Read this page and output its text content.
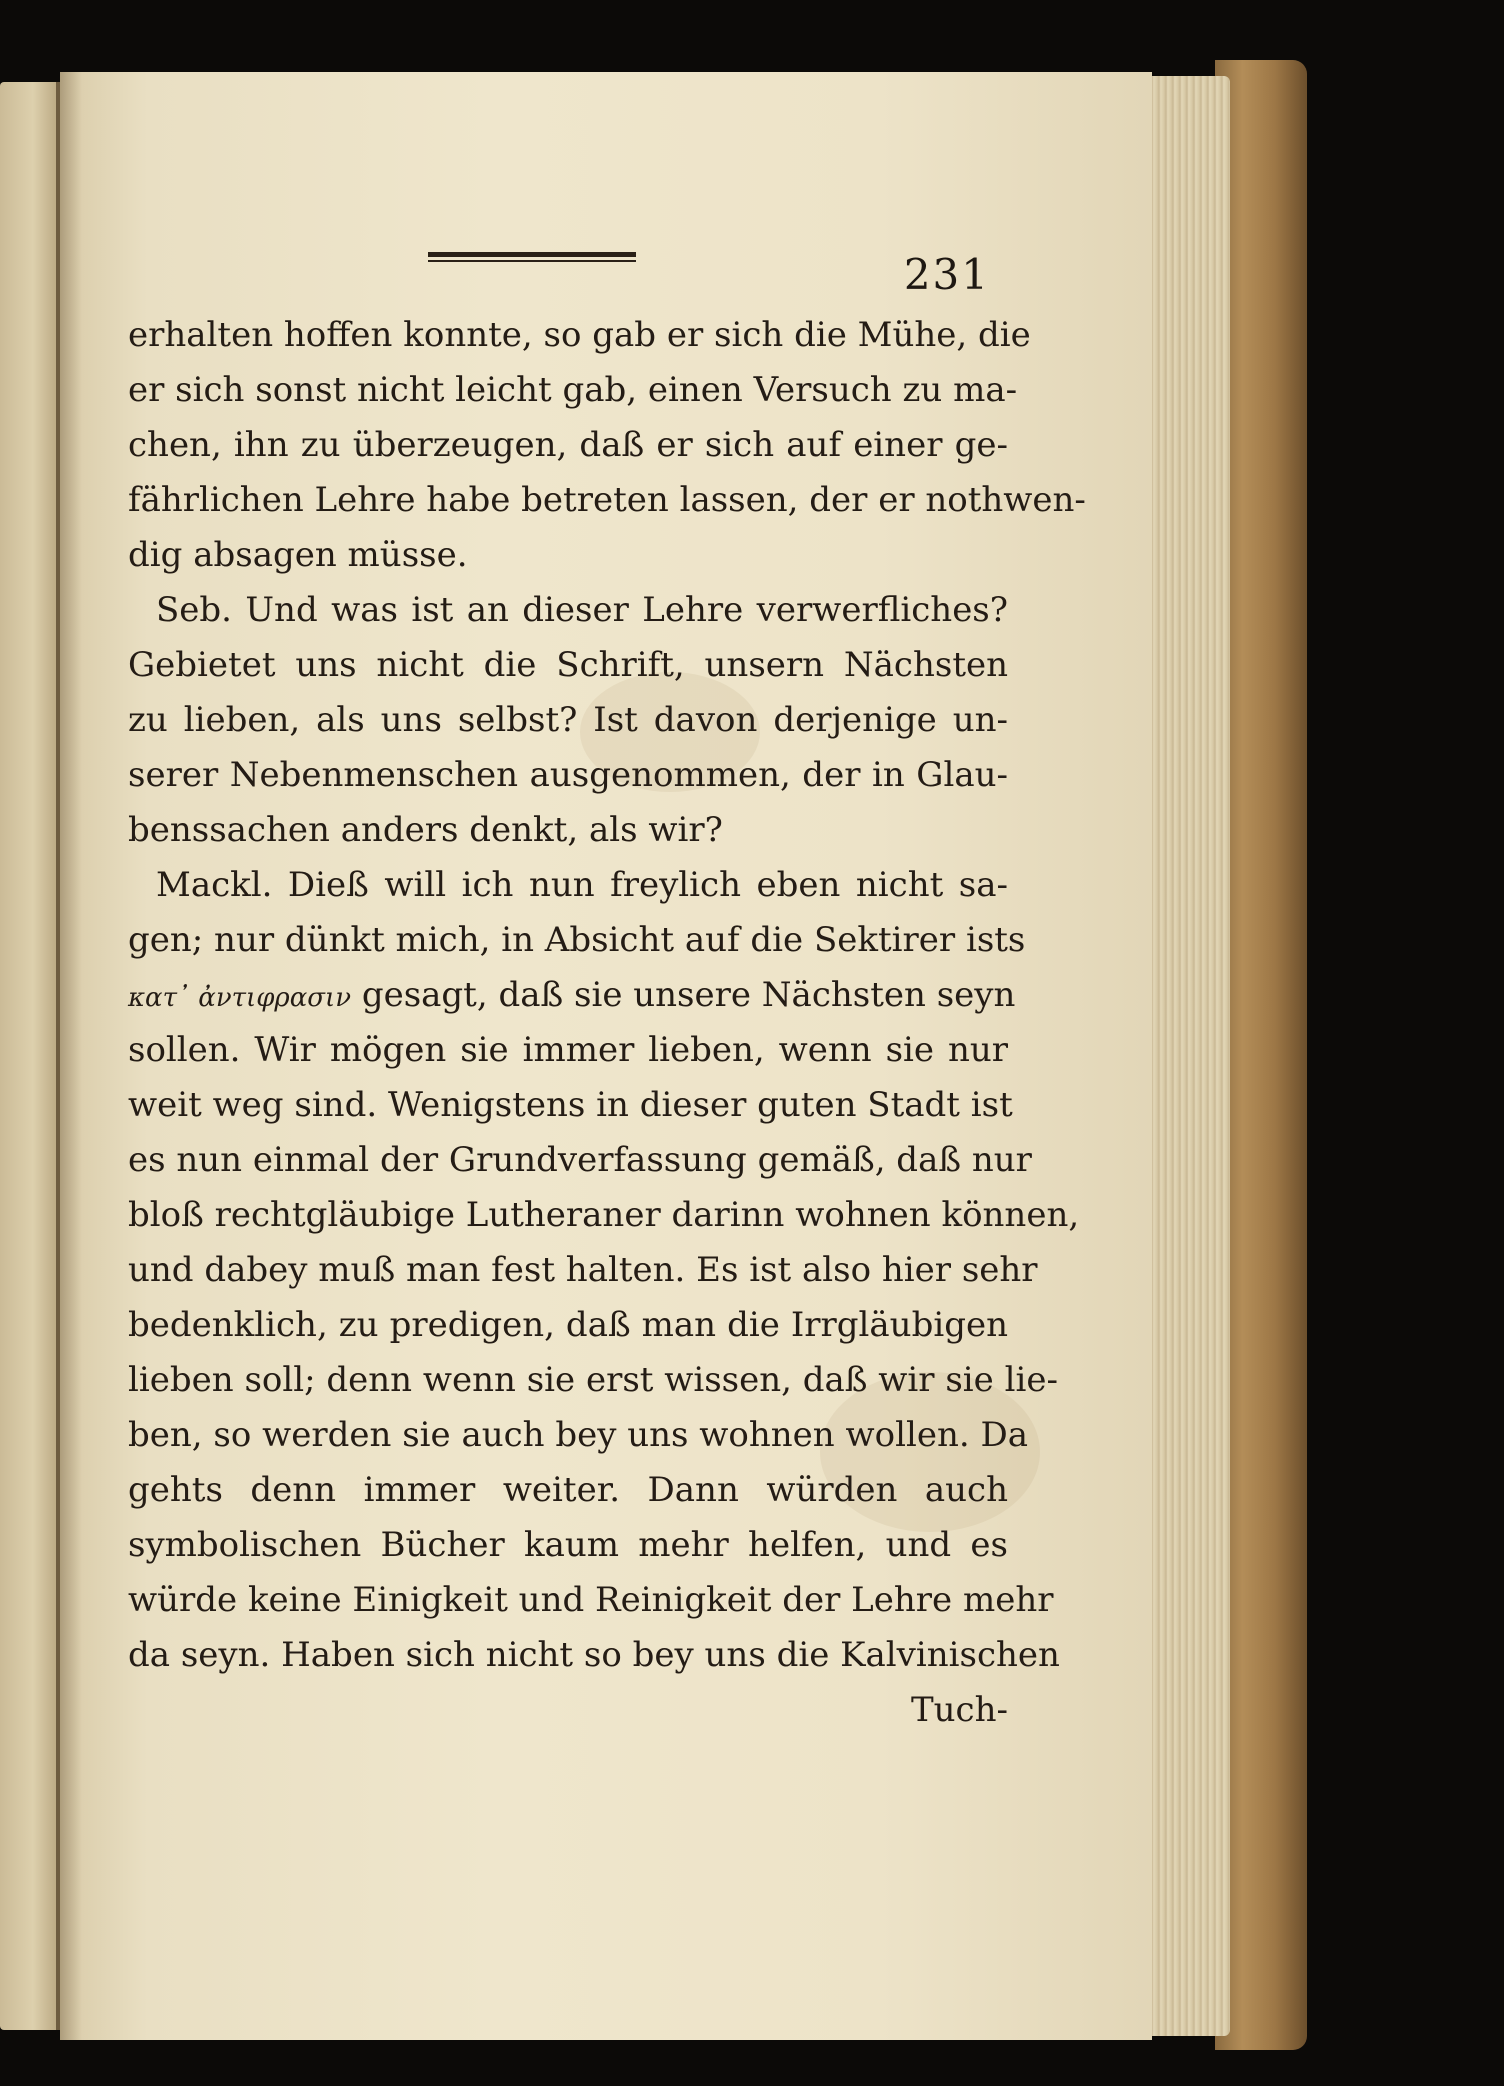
231
erhalten hoffen konnte, so gab er sich die Mühe, die
er sich sonst nicht leicht gab, einen Versuch zu ma-
chen, ihn zu überzeugen, daß er sich auf einer ge-
fährlichen Lehre habe betreten lassen, der er nothwen-
dig absagen müsse.
Seb. Und was ist an dieser Lehre verwerfliches?
Gebietet uns nicht die Schrift, unsern Nächsten
zu lieben, als uns selbst? Ist davon derjenige un-
serer Nebenmenschen ausgenommen, der in Glau-
benssachen anders denkt, als wir?
Mackl. Dieß will ich nun freylich eben nicht sa-
gen; nur dünkt mich, in Absicht auf die Sektirer ists
κατ᾽ ἀντιφρασιν gesagt, daß sie unsere Nächsten seyn
sollen. Wir mögen sie immer lieben, wenn sie nur
weit weg sind. Wenigstens in dieser guten Stadt ist
es nun einmal der Grundverfassung gemäß, daß nur
bloß rechtgläubige Lutheraner darinn wohnen können,
und dabey muß man fest halten. Es ist also hier sehr
bedenklich, zu predigen, daß man die Irrgläubigen
lieben soll; denn wenn sie erst wissen, daß wir sie lie-
ben, so werden sie auch bey uns wohnen wollen. Da
gehts denn immer weiter. Dann würden auch
symbolischen Bücher kaum mehr helfen, und es
würde keine Einigkeit und Reinigkeit der Lehre mehr
da seyn. Haben sich nicht so bey uns die Kalvinischen
Tuch-
